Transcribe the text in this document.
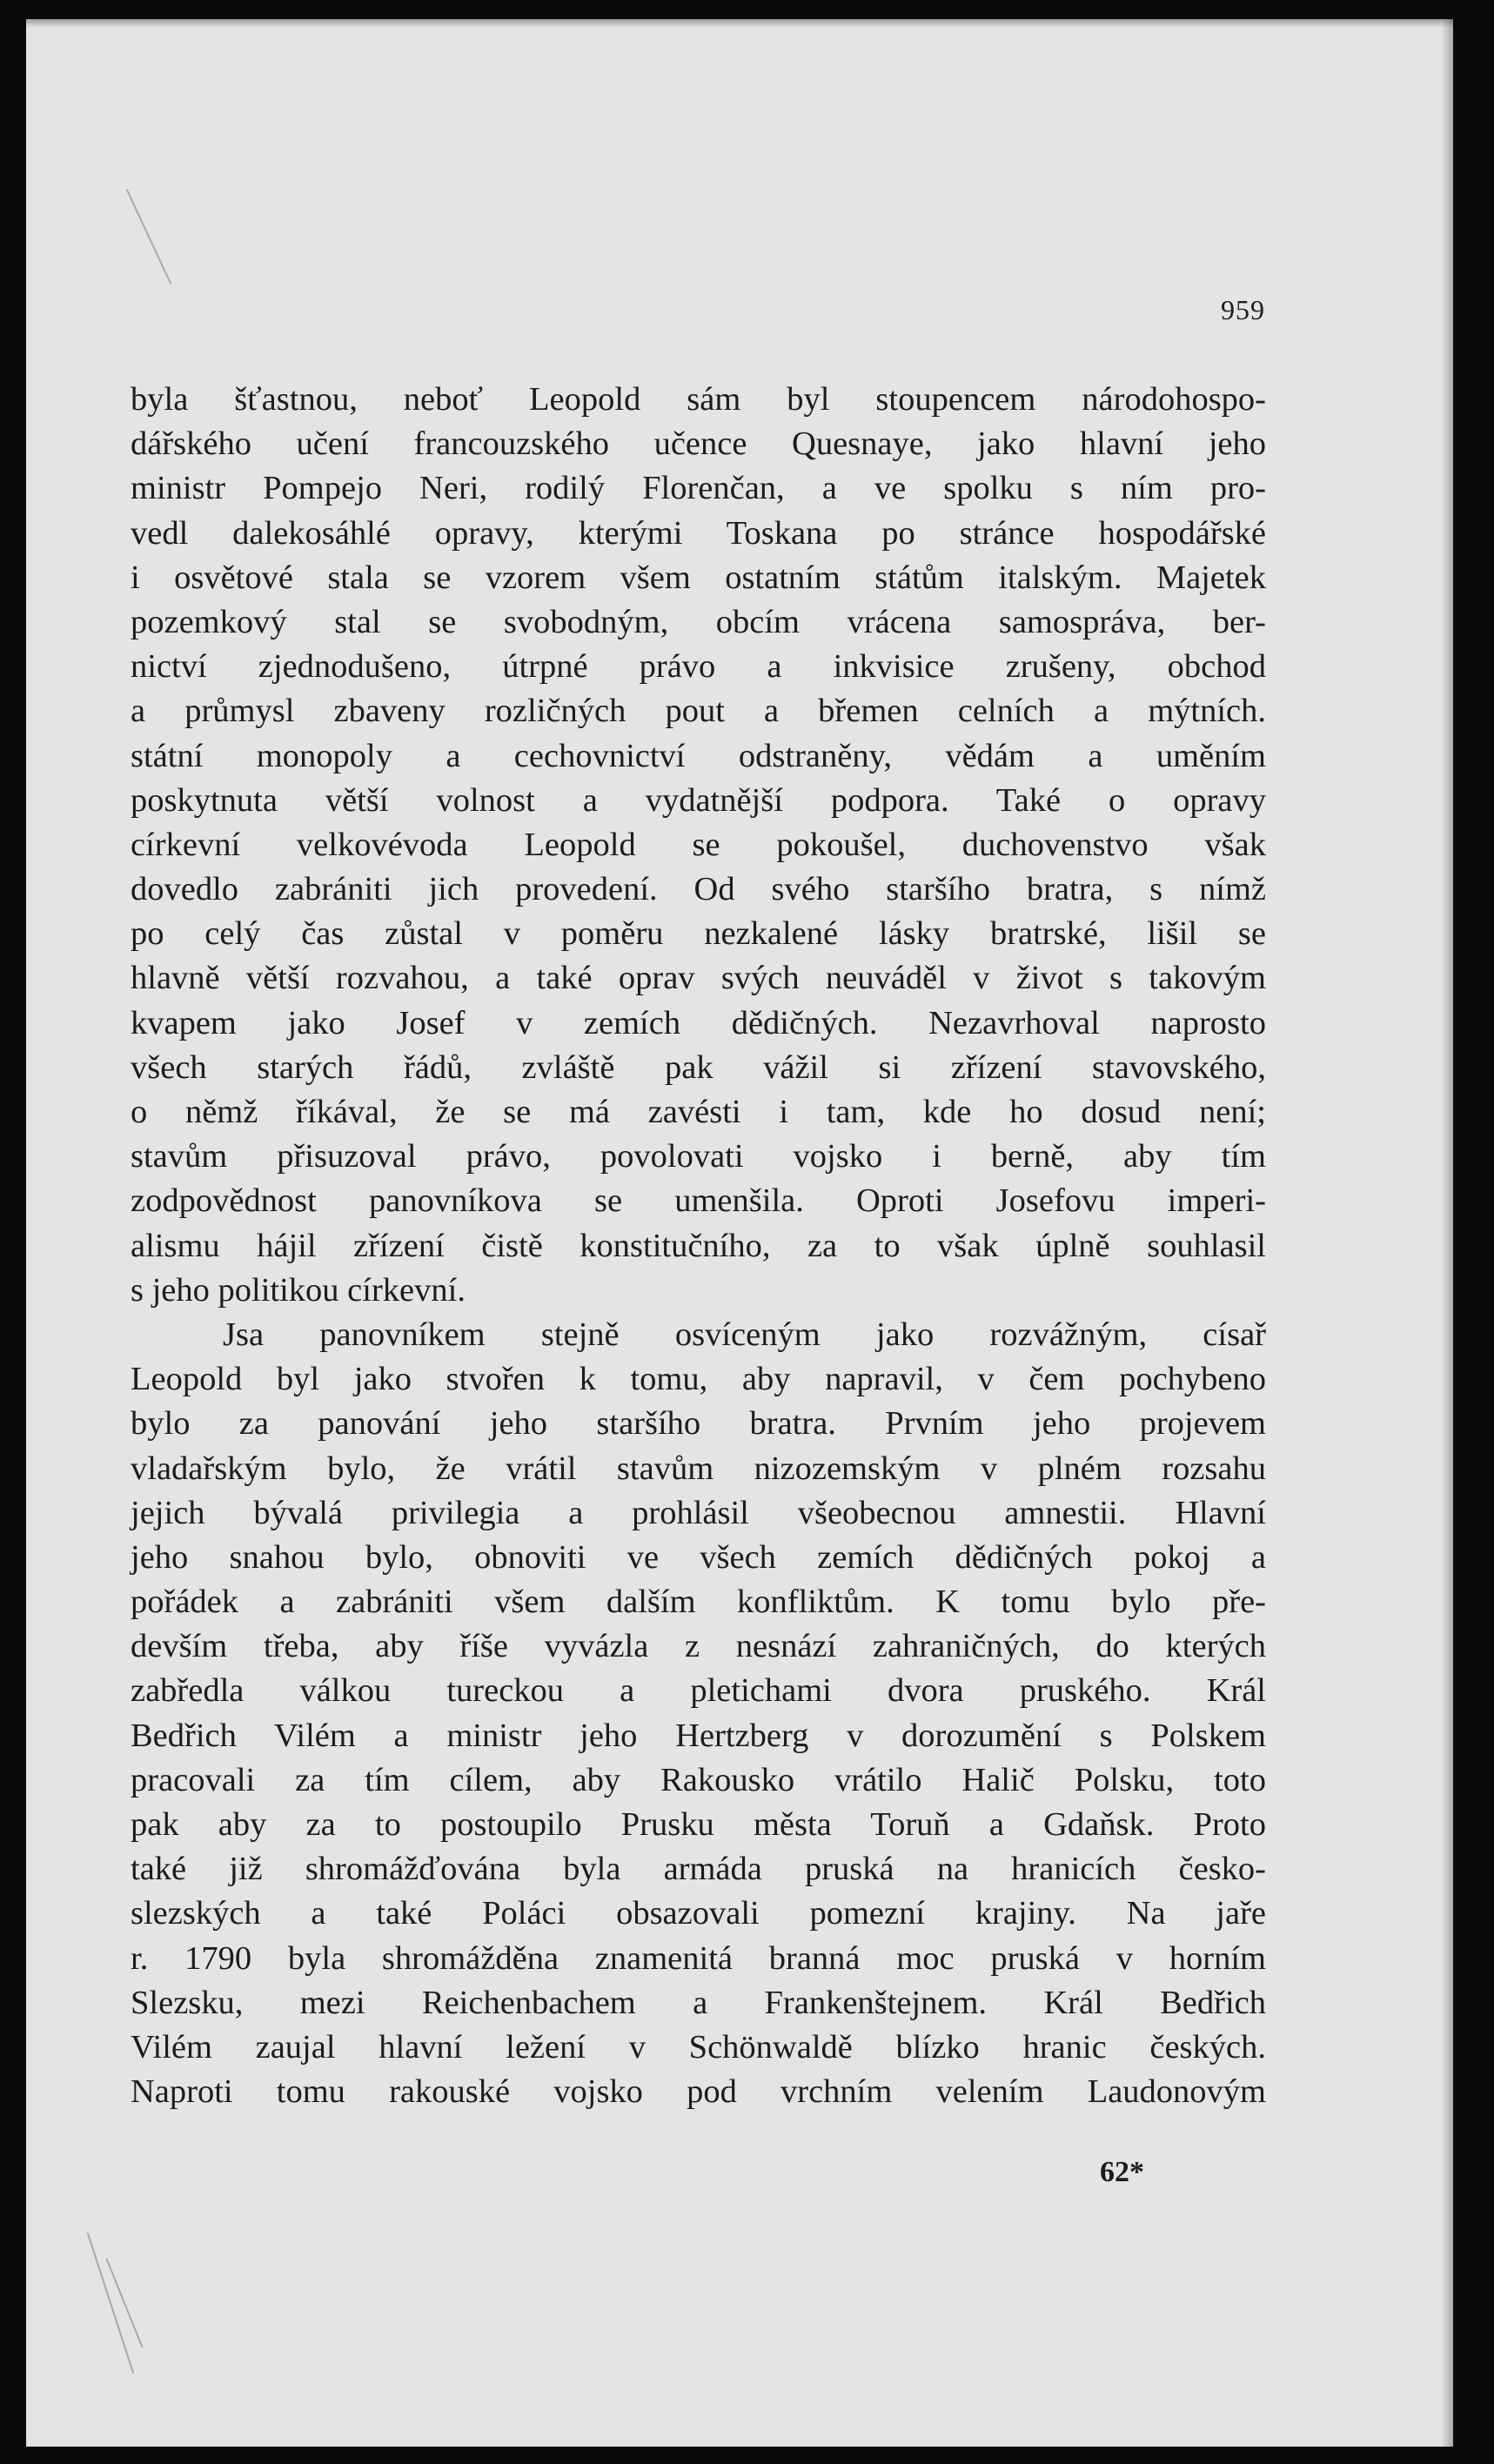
959
byla šťastnou, neboť Leopold sám byl stoupencem národohospo-
dářského učení francouzského učence Quesnaye, jako hlavní jeho
ministr Pompejo Neri, rodilý Florenčan, a ve spolku s ním pro-
vedl dalekosáhlé opravy, kterými Toskana po stránce hospodářské
i osvětové stala se vzorem všem ostatním státům italským. Majetek
pozemkový stal se svobodným, obcím vrácena samospráva, ber-
nictví zjednodušeno, útrpné právo a inkvisice zrušeny, obchod
a průmysl zbaveny rozličných pout a břemen celních a mýtních.
státní monopoly a cechovnictví odstraněny, vědám a uměním
poskytnuta větší volnost a vydatnější podpora. Také o opravy
církevní velkovévoda Leopold se pokoušel, duchovenstvo však
dovedlo zabrániti jich provedení. Od svého staršího bratra, s nímž
po celý čas zůstal v poměru nezkalené lásky bratrské, lišil se
hlavně větší rozvahou, a také oprav svých neuváděl v život s takovým
kvapem jako Josef v zemích dědičných. Nezavrhoval naprosto
všech starých řádů, zvláště pak vážil si zřízení stavovského,
o němž říkával, že se má zavésti i tam, kde ho dosud není;
stavům přisuzoval právo, povolovati vojsko i berně, aby tím
zodpovědnost panovníkova se umenšila. Oproti Josefovu imperi-
alismu hájil zřízení čistě konstitučního, za to však úplně souhlasil
s jeho politikou církevní.
Jsa panovníkem stejně osvíceným jako rozvážným, císař
Leopold byl jako stvořen k tomu, aby napravil, v čem pochybeno
bylo za panování jeho staršího bratra. Prvním jeho projevem
vladařským bylo, že vrátil stavům nizozemským v plném rozsahu
jejich bývalá privilegia a prohlásil všeobecnou amnestii. Hlavní
jeho snahou bylo, obnoviti ve všech zemích dědičných pokoj a
pořádek a zabrániti všem dalším konfliktům. K tomu bylo pře-
devším třeba, aby říše vyvázla z nesnází zahraničných, do kterých
zabředla válkou tureckou a pletichami dvora pruského. Král
Bedřich Vilém a ministr jeho Hertzberg v dorozumění s Polskem
pracovali za tím cílem, aby Rakousko vrátilo Halič Polsku, toto
pak aby za to postoupilo Prusku města Toruň a Gdaňsk. Proto
také již shromážďována byla armáda pruská na hranicích česko-
slezských a také Poláci obsazovali pomezní krajiny. Na jaře
r. 1790 byla shromážděna znamenitá branná moc pruská v horním
Slezsku, mezi Reichenbachem a Frankenštejnem. Král Bedřich
Vilém zaujal hlavní ležení v Schönwaldě blízko hranic českých.
Naproti tomu rakouské vojsko pod vrchním velením Laudonovým
62*
